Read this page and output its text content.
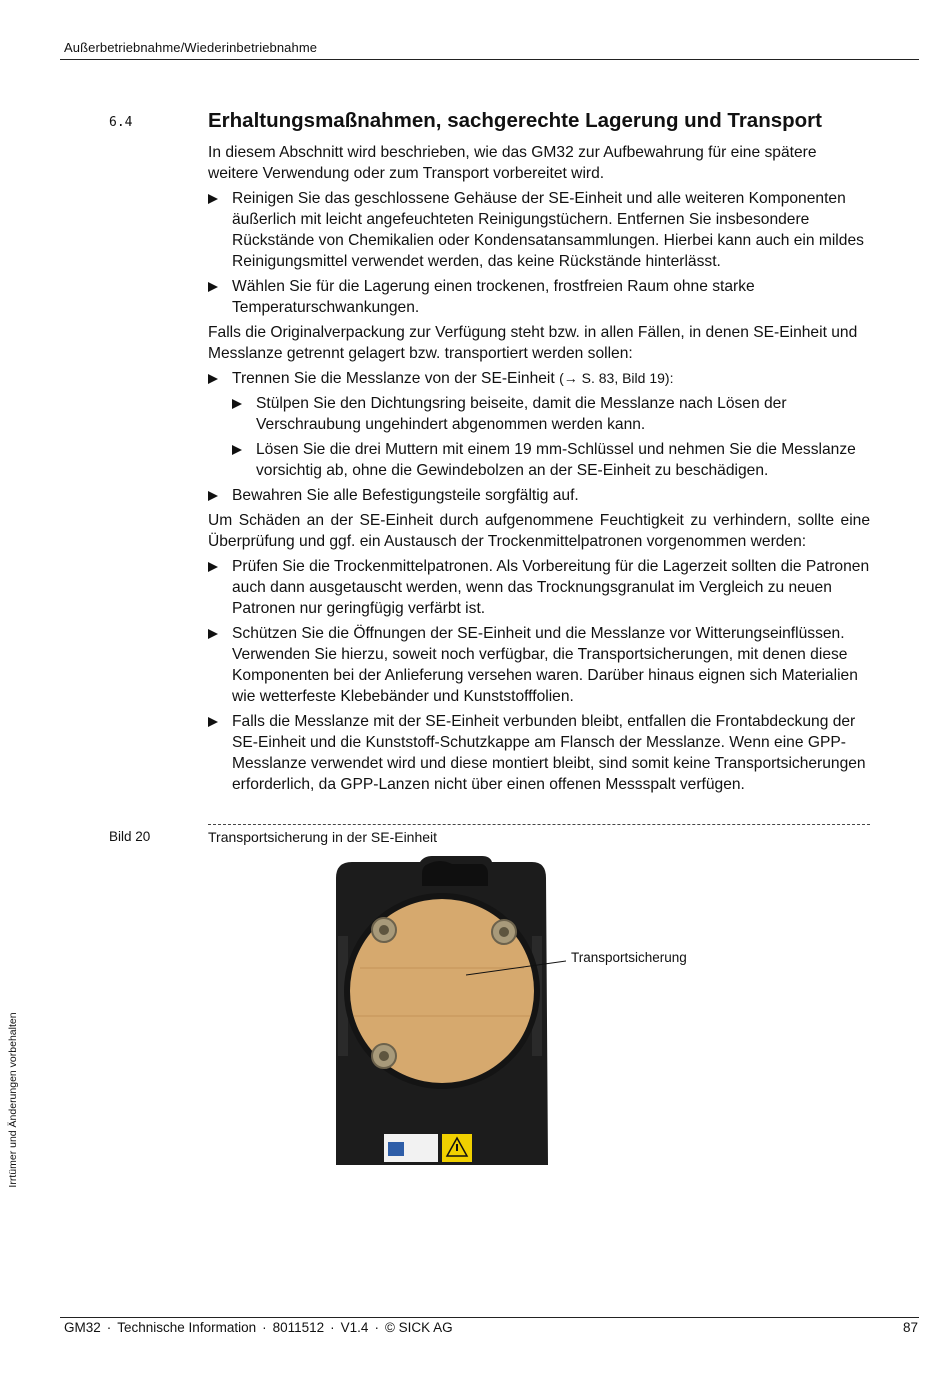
Außerbetriebnahme/Wiederinbetriebnahme
6.4	Erhaltungsmaßnahmen, sachgerechte Lagerung und Transport

In diesem Abschnitt wird beschrieben, wie das GM32 zur Aufbewahrung für eine spätere weitere Verwendung oder zum Transport vorbereitet wird.

Reinigen Sie das geschlossene Gehäuse der SE-Einheit und alle weiteren Komponenten äußerlich mit leicht angefeuchteten Reinigungstüchern. Entfernen Sie insbesondere Rückstände von Chemikalien oder Kondensatansammlungen. Hierbei kann auch ein mildes Reinigungsmittel verwendet werden, das keine Rückstände hinterlässt.
Wählen Sie für die Lagerung einen trockenen, frostfreien Raum ohne starke Temperaturschwankungen.

Falls die Originalverpackung zur Verfügung steht bzw. in allen Fällen, in denen SE-Einheit und Messlanze getrennt gelagert bzw. transportiert werden sollen:

Trennen Sie die Messlanze von der SE-Einheit (→ S. 83, Bild 19):
Stülpen Sie den Dichtungsring beiseite, damit die Messlanze nach Lösen der Verschraubung ungehindert abgenommen werden kann.
Lösen Sie die drei Muttern mit einem 19 mm-Schlüssel und nehmen Sie die Messlanze vorsichtig ab, ohne die Gewindebolzen an der SE-Einheit zu beschädigen.
Bewahren Sie alle Befestigungsteile sorgfältig auf.

Um Schäden an der SE-Einheit durch aufgenommene Feuchtigkeit zu verhindern, sollte eine Überprüfung und ggf. ein Austausch der Trockenmittelpatronen vorgenommen werden:

Prüfen Sie die Trockenmittelpatronen. Als Vorbereitung für die Lagerzeit sollten die Patronen auch dann ausgetauscht werden, wenn das Trocknungsgranulat im Vergleich zu neuen Patronen nur geringfügig verfärbt ist.
Schützen Sie die Öffnungen der SE-Einheit und die Messlanze vor Witterungseinflüssen. Verwenden Sie hierzu, soweit noch verfügbar, die Transportsicherungen, mit denen diese Komponenten bei der Anlieferung versehen waren. Darüber hinaus eignen sich Materialien wie wetterfeste Klebebänder und Kunststofffolien.
Falls die Messlanze mit der SE-Einheit verbunden bleibt, entfallen die Frontabdeckung der SE-Einheit und die Kunststoff-Schutzkappe am Flansch der Messlanze. Wenn eine GPP-Messlanze verwendet wird und diese montiert bleibt, sind somit keine Transportsicherungen erforderlich, da GPP-Lanzen nicht über einen offenen Messspalt verfügen.
Bild 20	Transportsicherung in der SE-Einheit
Transportsicherung
Irrtümer und Änderungen vorbehalten
GM32 · Technische Information · 8011512 · V1.4 · © SICK AG	87
